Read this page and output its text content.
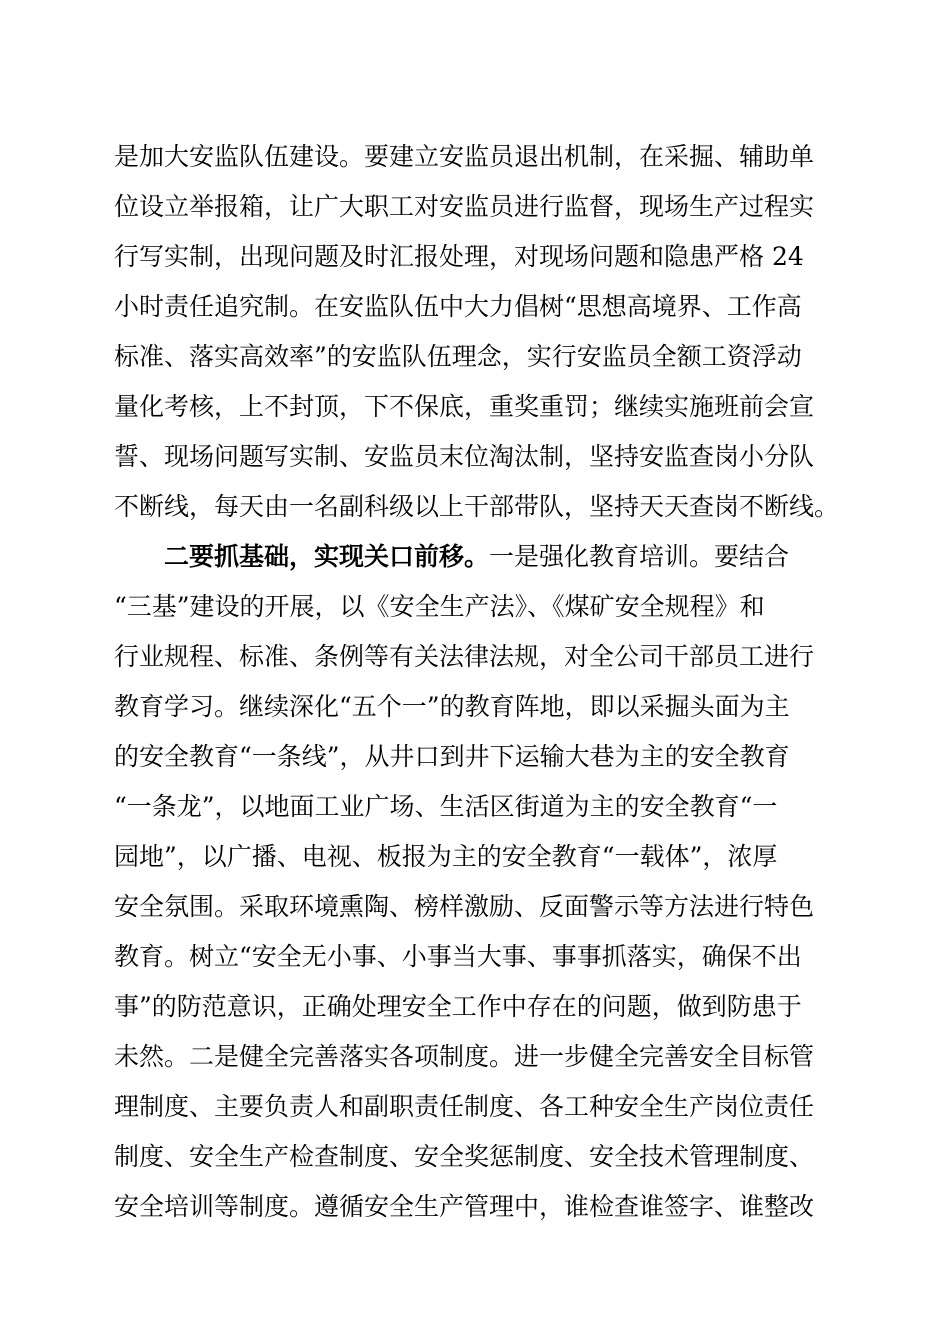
是加大安监队伍建设。要建立安监员退出机制，在采掘、辅助单
位设立举报箱，让广大职工对安监员进行监督，现场生产过程实
行写实制，出现问题及时汇报处理，对现场问题和隐患严格 24
小时责任追究制。在安监队伍中大力倡树“思想高境界、工作高
标准、落实高效率”的安监队伍理念，实行安监员全额工资浮动
量化考核，上不封顶，下不保底，重奖重罚；继续实施班前会宣
誓、现场问题写实制、安监员末位淘汰制，坚持安监查岗小分队
不断线，每天由一名副科级以上干部带队，坚持天天查岗不断线。
　　二要抓基础，实现关口前移。一是强化教育培训。要结合
“三基”建设的开展，以《安全生产法》、《煤矿安全规程》和
行业规程、标准、条例等有关法律法规，对全公司干部员工进行
教育学习。继续深化“五个一”的教育阵地，即以采掘头面为主
的安全教育“一条线”，从井口到井下运输大巷为主的安全教育
“一条龙”，以地面工业广场、生活区街道为主的安全教育“一
园地”，以广播、电视、板报为主的安全教育“一载体”，浓厚
安全氛围。采取环境熏陶、榜样激励、反面警示等方法进行特色
教育。树立“安全无小事、小事当大事、事事抓落实，确保不出
事”的防范意识，正确处理安全工作中存在的问题，做到防患于
未然。二是健全完善落实各项制度。进一步健全完善安全目标管
理制度、主要负责人和副职责任制度、各工种安全生产岗位责任
制度、安全生产检查制度、安全奖惩制度、安全技术管理制度、
安全培训等制度。遵循安全生产管理中，谁检查谁签字、谁整改
